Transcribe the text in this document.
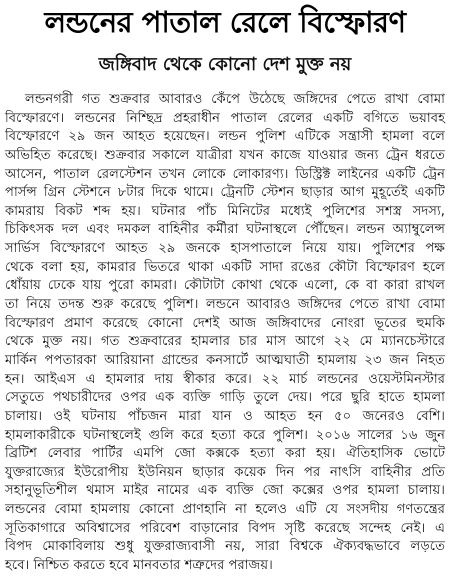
লন্ডনের পাতাল রেলে বিস্ফোরণ
জঙ্গিবাদ থেকে কোনো দেশ মুক্ত নয়
লন্ডনগরী গত শুক্রবার আবারও কেঁপে উঠেছে জঙ্গিদের পেতে রাখা বোমা
বিস্ফোরণে। লন্ডনের নিশ্ছিদ্র প্রহরাধীন পাতাল রেলের একটি বগিতে ভয়াবহ
বিস্ফোরণে ২৯ জন আহত হয়েছেন। লন্ডন পুলিশ এটিকে সন্ত্রাসী হামলা বলে
অভিহিত করেছে। শুক্রবার সকালে যাত্রীরা যখন কাজে যাওয়ার জন্য ট্রেন ধরতে
আসেন, পাতাল রেলস্টেশন তখন লোকে লোকারণ্য। ডিস্ট্রিক্ট লাইনের একটি ট্রেন
পার্সন্স গ্রিন স্টেশনে ৮টার দিকে থামে। ট্রেনটি স্টেশন ছাড়ার আগ মুহূর্তেই একটি
কামরায় বিকট শব্দ হয়। ঘটনার পাঁচ মিনিটের মধ্যেই পুলিশের সশস্ত্র সদস্য,
চিকিৎসক দল এবং দমকল বাহিনীর কর্মীরা ঘটনাস্থলে পৌঁছেন। লন্ডন অ্যাম্বুলেন্স
সার্ভিস বিস্ফোরণে আহত ২৯ জনকে হাসপাতালে নিয়ে যায়। পুলিশের পক্ষ
থেকে বলা হয়, কামরার ভিতরে থাকা একটি সাদা রঙের কৌটা বিস্ফোরণ হলে
ধোঁয়ায় ঢেকে যায় পুরো কামরা। কৌটাটা কোথা থেকে এলো, কে বা কারা রাখল
তা নিয়ে তদন্ত শুরু করেছে পুলিশ। লন্ডনে আবারও জঙ্গিদের পেতে রাখা বোমা
বিস্ফোরণ প্রমাণ করেছে কোনো দেশই আজ জঙ্গিবাদের নোংরা ভূতের হুমকি
থেকে মুক্ত নয়। গত শুক্রবারের হামলার চার মাস আগে ২২ মে ম্যানচেস্টারে
মার্কিন পপতারকা আরিয়ানা গ্রান্ডের কনসার্টে আত্মঘাতী হামলায় ২৩ জন নিহত
হন। আইএস এ হামলার দায় স্বীকার করে। ২২ মার্চ লন্ডনের ওয়েস্টমিনস্টার
সেতুতে পথচারীদের ওপর এক ব্যক্তি গাড়ি তুলে দেয়। পরে ছুরি হাতে হামলা
চালায়। ওই ঘটনায় পাঁচজন মারা যান ও আহত হন ৫০ জনেরও বেশি।
হামলাকারীকে ঘটনাস্থলেই গুলি করে হত্যা করে পুলিশ। ২০১৬ সালের ১৬ জুন
ব্রিটিশ লেবার পার্টির এমপি জো কক্সকে হত্যা করা হয়। ঐতিহাসিক ভোটে
যুক্তরাজ্যের ইউরোপীয় ইউনিয়ন ছাড়ার কয়েক দিন পর নাৎসি বাহিনীর প্রতি
সহানুভূতিশীল থমাস মাইর নামের এক ব্যক্তি জো কক্সের ওপর হামলা চালায়।
লন্ডনের বোমা হামলায় কোনো প্রাণহানি না হলেও এটি যে সংসদীয় গণতন্ত্রের
সূতিকাগারে অবিশ্বাসের পরিবেশ বাড়ানোর বিপদ সৃষ্টি করেছে সন্দেহ নেই। এ
বিপদ মোকাবিলায় শুধু যুক্তরাজ্যবাসী নয়, সারা বিশ্বকে ঐক্যবদ্ধভাবে লড়তে
হবে। নিশ্চিত করতে হবে মানবতার শত্রুদের পরাজয়।
